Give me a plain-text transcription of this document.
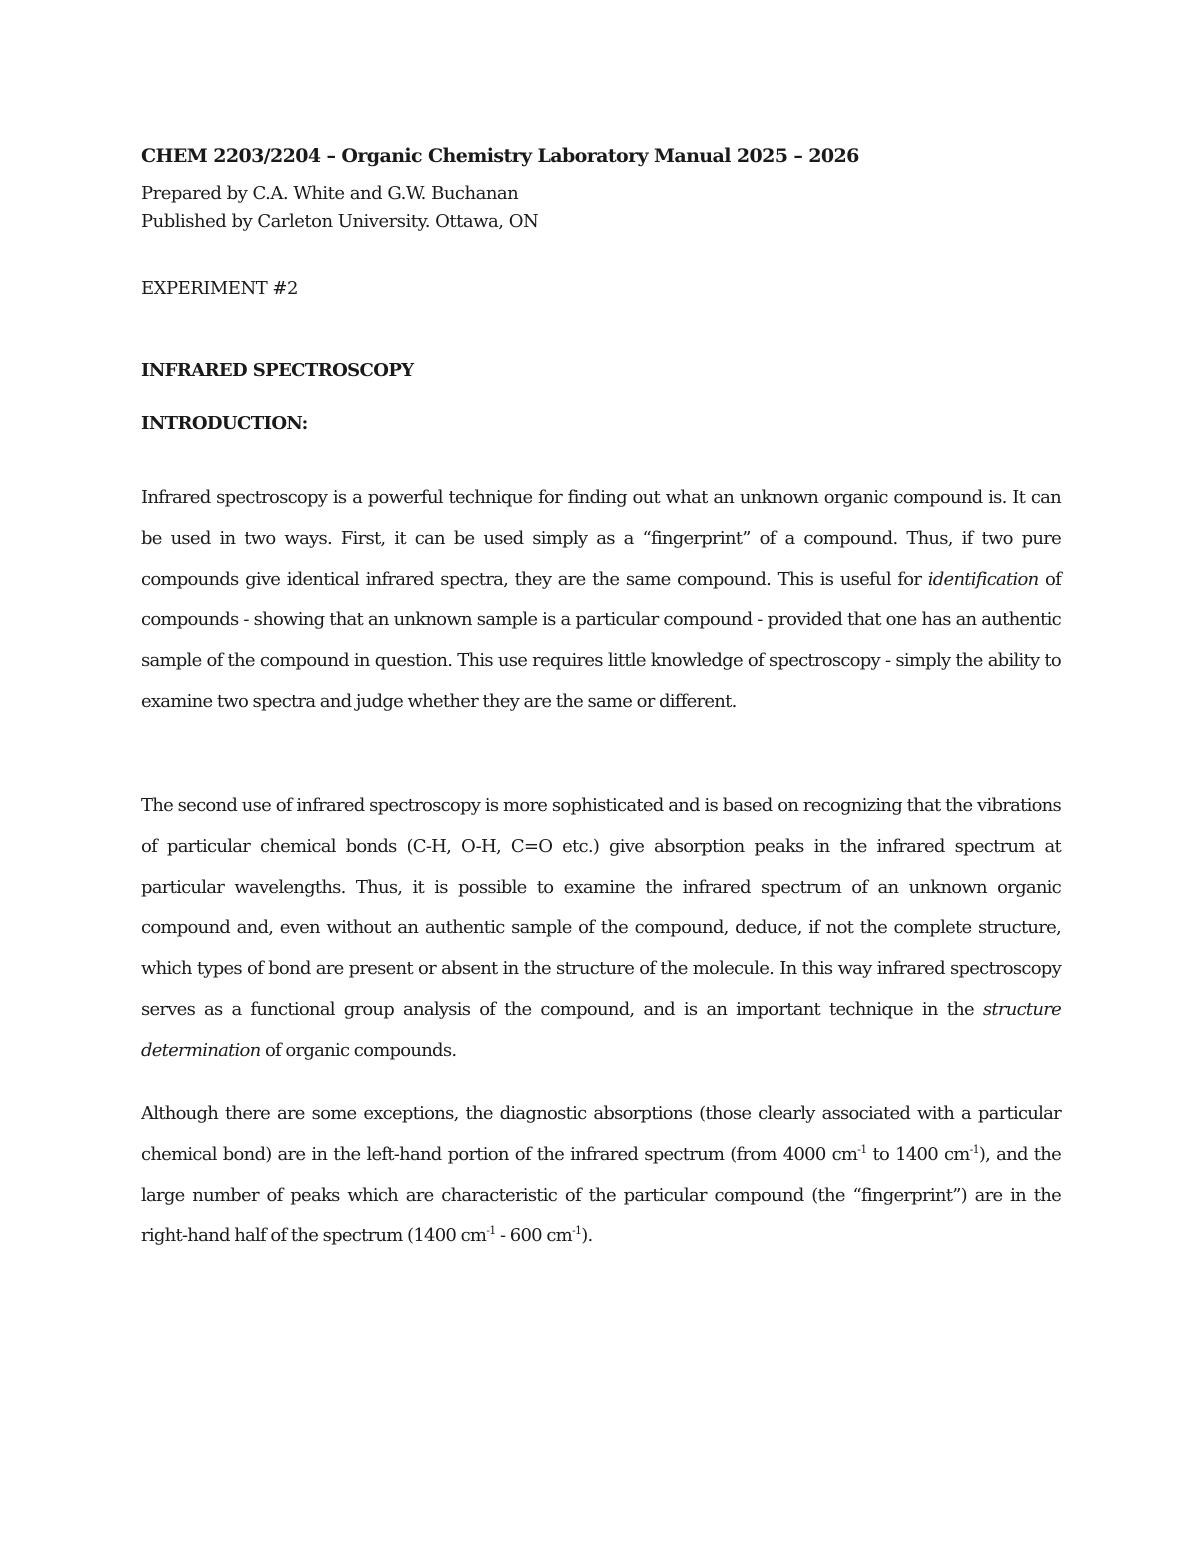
CHEM 2203/2204 – Organic Chemistry Laboratory Manual 2025 – 2026

Prepared by C.A. White and G.W. Buchanan

Published by Carleton University. Ottawa, ON

EXPERIMENT #2

INFRARED SPECTROSCOPY

INTRODUCTION:

Infrared spectroscopy is a powerful technique for finding out what an unknown organic compound is. It can be used in two ways. First, it can be used simply as a “fingerprint” of a compound. Thus, if two pure compounds give identical infrared spectra, they are the same compound. This is useful for identification of compounds - showing that an unknown sample is a particular compound - provided that one has an authentic sample of the compound in question. This use requires little knowledge of spectroscopy - simply the ability to examine two spectra and judge whether they are the same or different.

The second use of infrared spectroscopy is more sophisticated and is based on recognizing that the vibrations of particular chemical bonds (C-H, O-H, C=O etc.) give absorption peaks in the infrared spectrum at particular wavelengths. Thus, it is possible to examine the infrared spectrum of an unknown organic compound and, even without an authentic sample of the compound, deduce, if not the complete structure, which types of bond are present or absent in the structure of the molecule. In this way infrared spectroscopy serves as a functional group analysis of the compound, and is an important technique in the structure determination of organic compounds.

Although there are some exceptions, the diagnostic absorptions (those clearly associated with a particular chemical bond) are in the left-hand portion of the infrared spectrum (from 4000 $cm^{-1}$ to 1400 $cm^{-1}$), and the large number of peaks which are characteristic of the particular compound (the “fingerprint”) are in the right-hand half of the spectrum (1400 $cm^{-1} - 600$ $cm^{-1}$).
